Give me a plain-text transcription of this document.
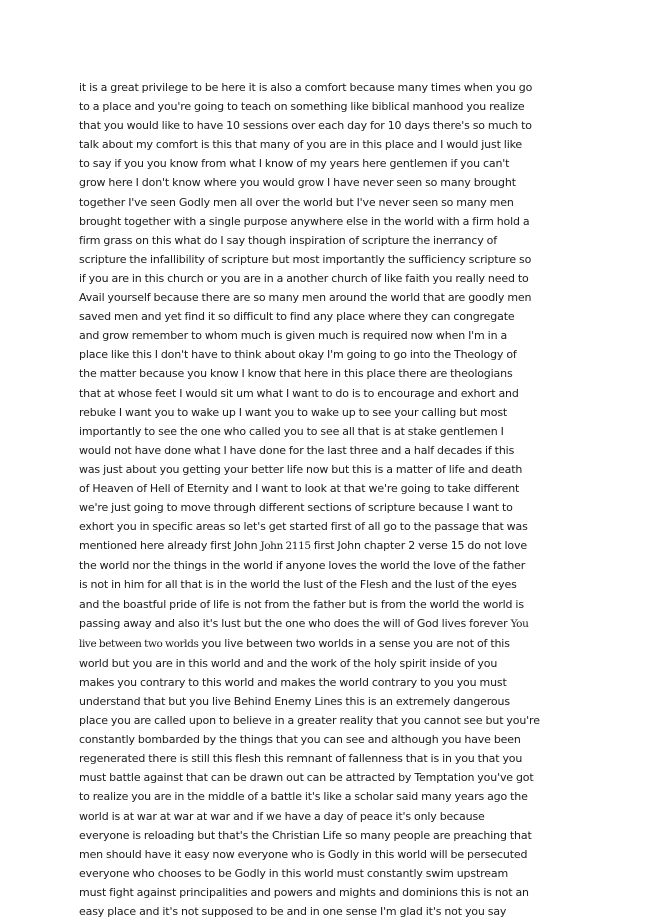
it is a great privilege to be here it is also a comfort because many times when you go
to a place and you're going to teach on something like biblical manhood you realize
that you would like to have 10 sessions over each day for 10 days there's so much to
talk about my comfort is this that many of you are in this place and I would just like
to say if you you know from what I know of my years here gentlemen if you can't
grow here I don't know where you would grow I have never seen so many brought
together I've seen Godly men all over the world but I've never seen so many men
brought together with a single purpose anywhere else in the world with a firm hold a
firm grass on this what do I say though inspiration of scripture the inerrancy of
scripture the infallibility of scripture but most importantly the sufficiency scripture so
if you are in this church or you are in a another church of like faith you really need to
Avail yourself because there are so many men around the world that are goodly men
saved men and yet find it so difficult to find any place where they can congregate
and grow remember to whom much is given much is required now when I'm in a
place like this I don't have to think about okay I'm going to go into the Theology of
the matter because you know I know that here in this place there are theologians
that at whose feet I would sit um what I want to do is to encourage and exhort and
rebuke I want you to wake up I want you to wake up to see your calling but most
importantly to see the one who called you to see all that is at stake gentlemen I
would not have done what I have done for the last three and a half decades if this
was just about you getting your better life now but this is a matter of life and death
of Heaven of Hell of Eternity and I want to look at that we're going to take different
we're just going to move through different sections of scripture because I want to
exhort you in specific areas so let's get started first of all go to the passage that was
mentioned here already first John John 2115 first John chapter 2 verse 15 do not love
the world nor the things in the world if anyone loves the world the love of the father
is not in him for all that is in the world the lust of the Flesh and the lust of the eyes
and the boastful pride of life is not from the father but is from the world the world is
passing away and also it's lust but the one who does the will of God lives forever You
live between two worlds you live between two worlds in a sense you are not of this
world but you are in this world and and the work of the holy spirit inside of you
makes you contrary to this world and makes the world contrary to you you must
understand that but you live Behind Enemy Lines this is an extremely dangerous
place you are called upon to believe in a greater reality that you cannot see but you're
constantly bombarded by the things that you can see and although you have been
regenerated there is still this flesh this remnant of fallenness that is in you that you
must battle against that can be drawn out can be attracted by Temptation you've got
to realize you are in the middle of a battle it's like a scholar said many years ago the
world is at war at war at war and if we have a day of peace it's only because
everyone is reloading but that's the Christian Life so many people are preaching that
men should have it easy now everyone who is Godly in this world will be persecuted
everyone who chooses to be Godly in this world must constantly swim upstream
must fight against principalities and powers and mights and dominions this is not an
easy place and it's not supposed to be and in one sense I'm glad it's not you say
